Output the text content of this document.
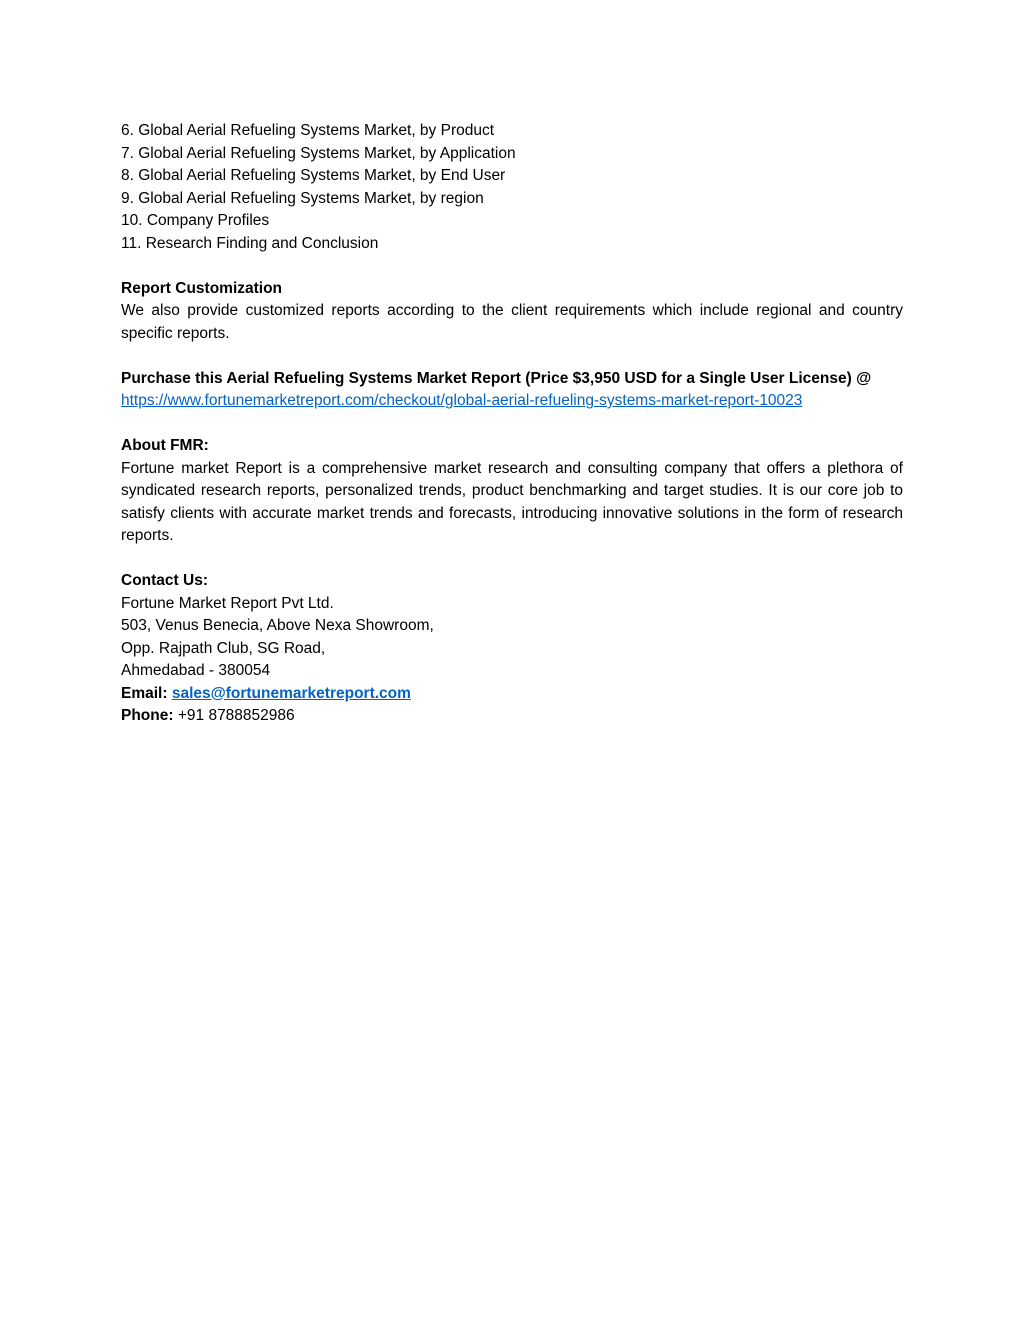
6. Global Aerial Refueling Systems Market, by Product
7. Global Aerial Refueling Systems Market, by Application
8. Global Aerial Refueling Systems Market, by End User
9. Global Aerial Refueling Systems Market, by region
10. Company Profiles
11. Research Finding and Conclusion
Report Customization
We also provide customized reports according to the client requirements which include regional and country specific reports.
Purchase this Aerial Refueling Systems Market Report (Price $3,950 USD for a Single User License) @
https://www.fortunemarketreport.com/checkout/global-aerial-refueling-systems-market-report-10023
About FMR:
Fortune market Report is a comprehensive market research and consulting company that offers a plethora of syndicated research reports, personalized trends, product benchmarking and target studies. It is our core job to satisfy clients with accurate market trends and forecasts, introducing innovative solutions in the form of research reports.
Contact Us:
Fortune Market Report Pvt Ltd.
503, Venus Benecia, Above Nexa Showroom,
Opp. Rajpath Club, SG Road,
Ahmedabad - 380054
Email: sales@fortunemarketreport.com
Phone: +91 8788852986
